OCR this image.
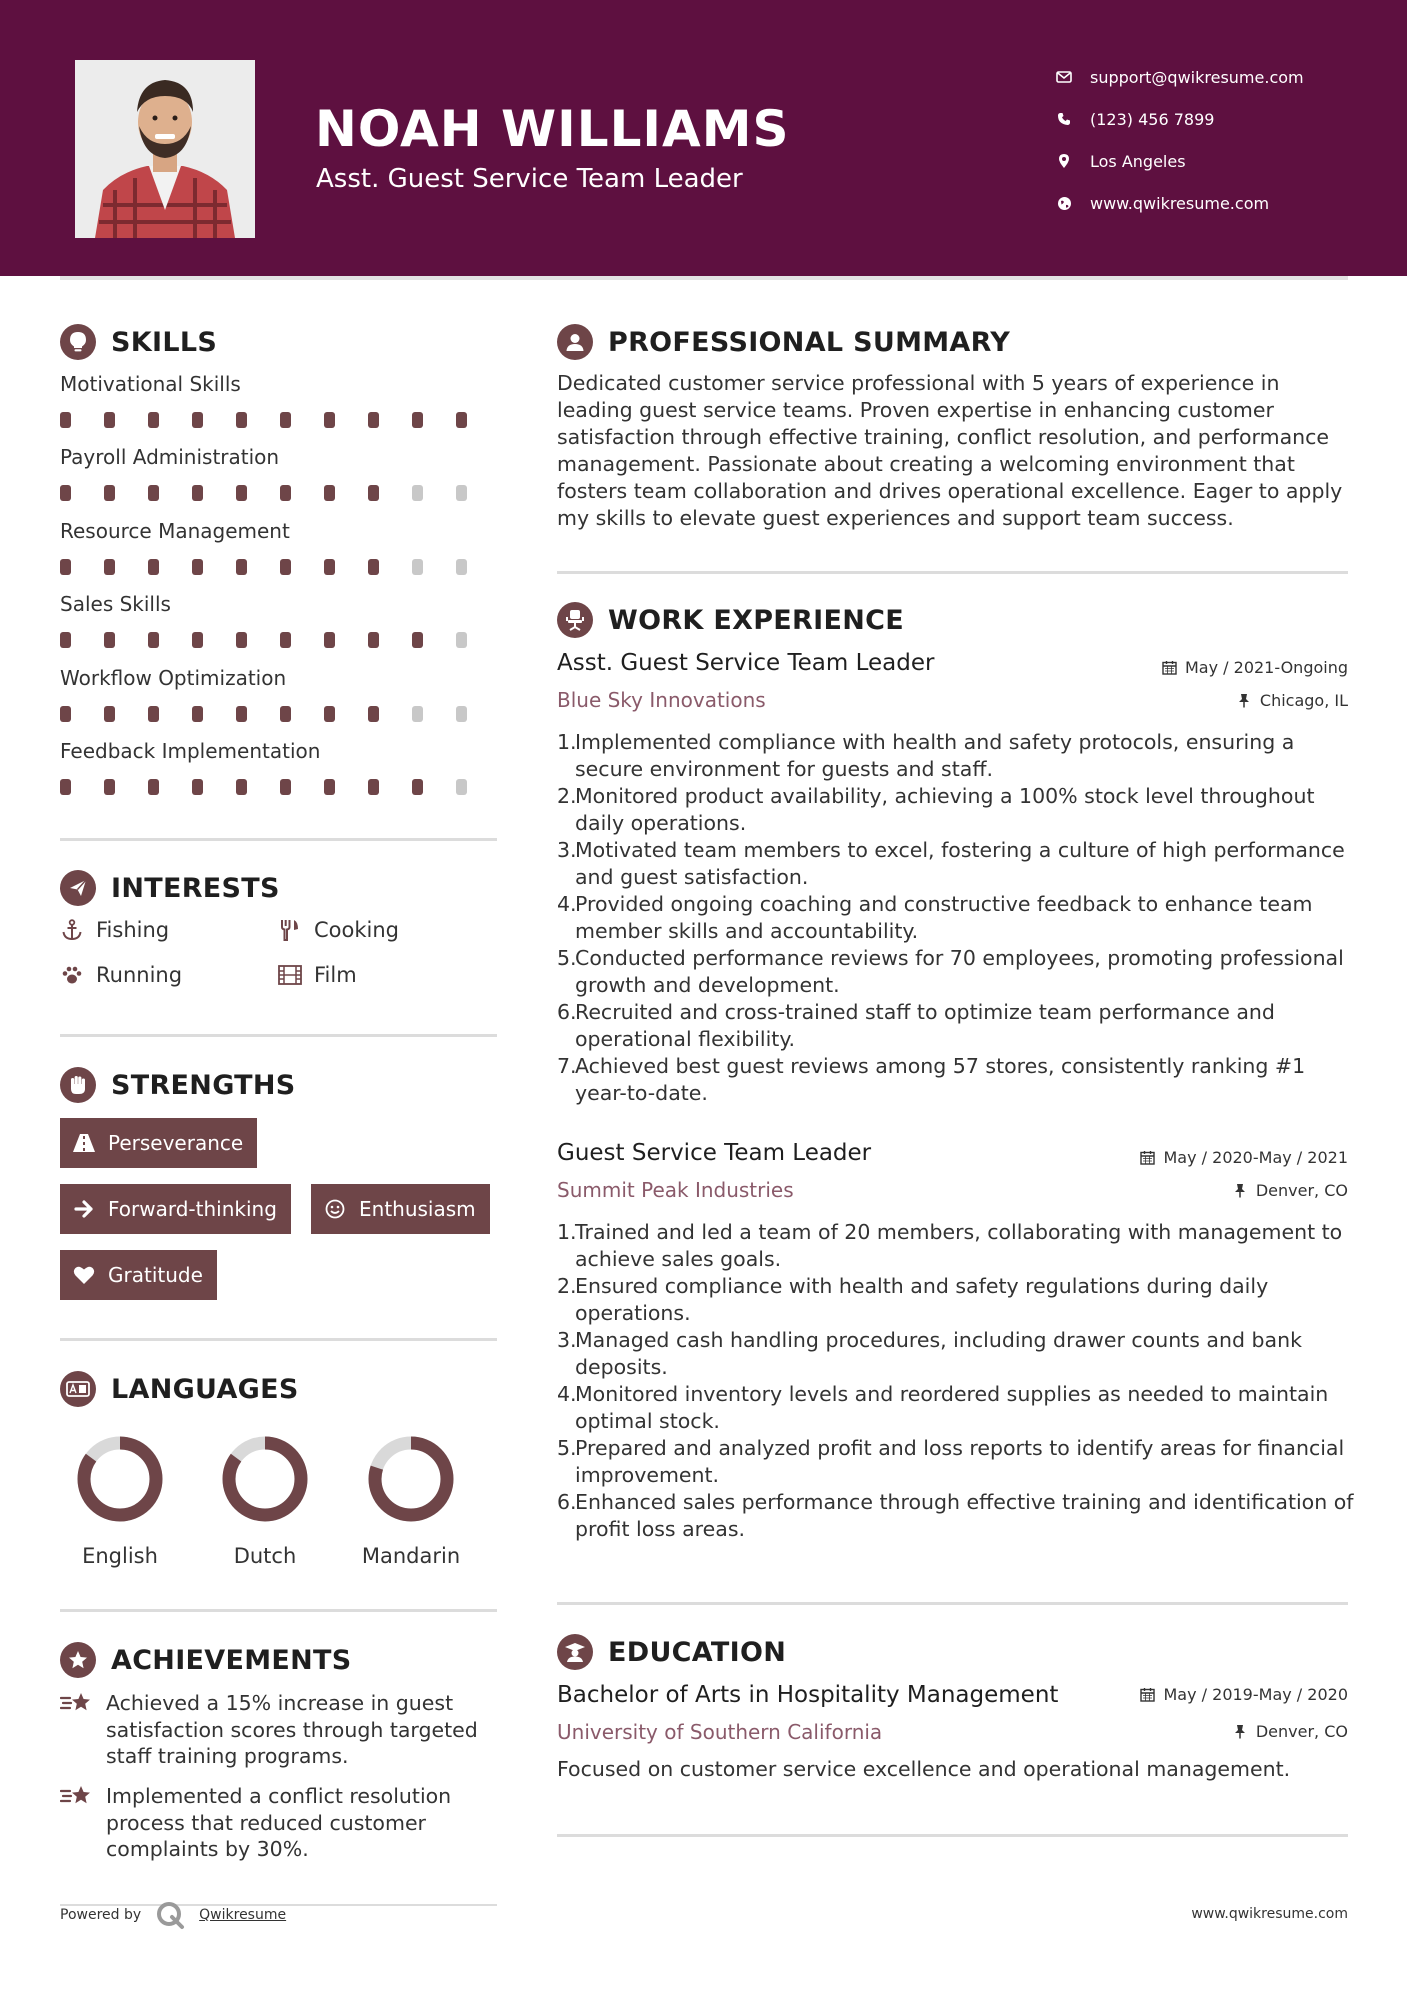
NOAH WILLIAMS
Asst. Guest Service Team Leader
support@qwikresume.com
(123) 456 7899
Los Angeles
www.qwikresume.com
SKILLS
Motivational Skills
Payroll Administration
Resource Management
Sales Skills
Workflow Optimization
Feedback Implementation
INTERESTS
Fishing	Cooking
Running	Film
STRENGTHS
Perseverance
Forward-thinking	Enthusiasm
Gratitude
LANGUAGES
English	Dutch	Mandarin
ACHIEVEMENTS
Achieved a 15% increase in guest satisfaction scores through targeted staff training programs.
Implemented a conflict resolution process that reduced customer complaints by 30%.
PROFESSIONAL SUMMARY
Dedicated customer service professional with 5 years of experience in leading guest service teams. Proven expertise in enhancing customer satisfaction through effective training, conflict resolution, and performance management. Passionate about creating a welcoming environment that fosters team collaboration and drives operational excellence. Eager to apply my skills to elevate guest experiences and support team success.
WORK EXPERIENCE
Asst. Guest Service Team Leader	May / 2021-Ongoing
Blue Sky Innovations	Chicago, IL
1.
Implemented compliance with health and safety protocols, ensuring a secure environment for guests and staff.
2.
Monitored product availability, achieving a 100% stock level throughout daily operations.
3.
Motivated team members to excel, fostering a culture of high performance and guest satisfaction.
4.
Provided ongoing coaching and constructive feedback to enhance team member skills and accountability.
5.
Conducted performance reviews for 70 employees, promoting professional growth and development.
6.
Recruited and cross-trained staff to optimize team performance and operational flexibility.
7.
Achieved best guest reviews among 57 stores, consistently ranking #1 year-to-date.
Guest Service Team Leader	May / 2020-May / 2021
Summit Peak Industries	Denver, CO
1.
Trained and led a team of 20 members, collaborating with management to achieve sales goals.
2.
Ensured compliance with health and safety regulations during daily operations.
3.
Managed cash handling procedures, including drawer counts and bank deposits.
4.
Monitored inventory levels and reordered supplies as needed to maintain optimal stock.
5.
Prepared and analyzed profit and loss reports to identify areas for financial improvement.
6.
Enhanced sales performance through effective training and identification of profit loss areas.
EDUCATION
Bachelor of Arts in Hospitality Management	May / 2019-May / 2020
University of Southern California	Denver, CO
Focused on customer service excellence and operational management.
Powered by	Qwikresume	www.qwikresume.com
